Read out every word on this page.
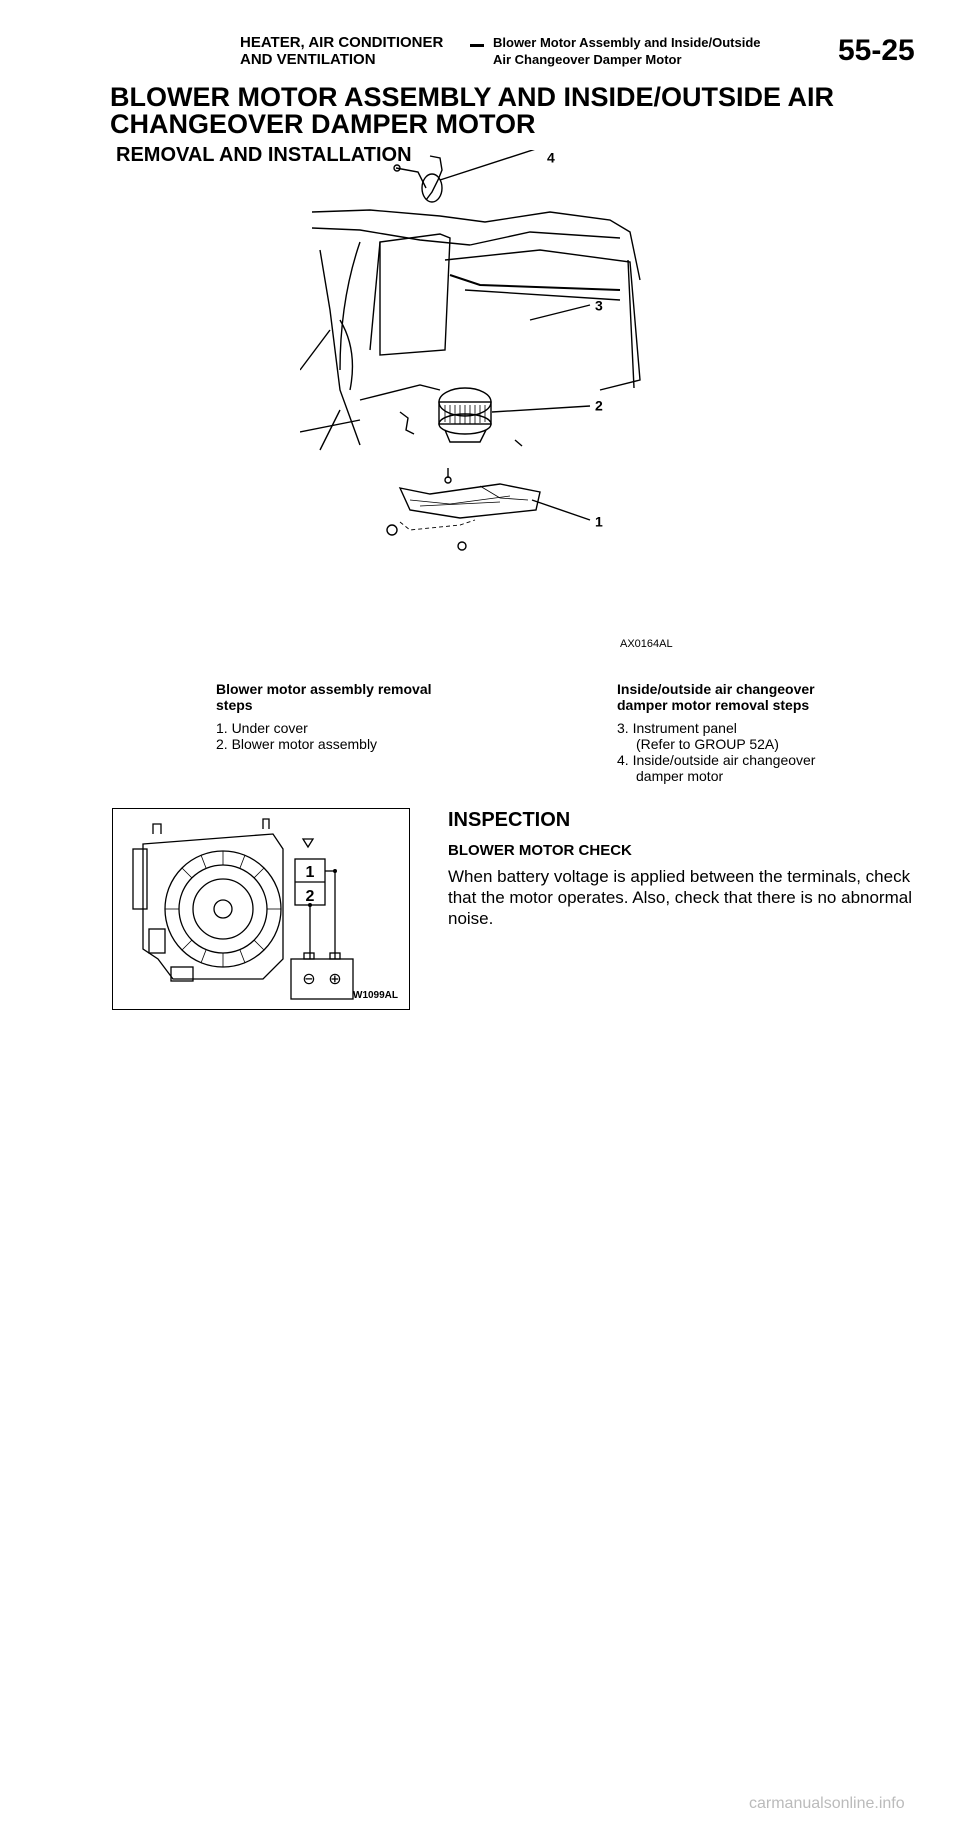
HEATER, AIR CONDITIONER
AND VENTILATION
Blower Motor Assembly and Inside/Outside
Air Changeover Damper Motor	55-25
BLOWER MOTOR ASSEMBLY AND INSIDE/OUTSIDE AIR
CHANGEOVER DAMPER MOTOR
REMOVAL AND INSTALLATION	4
3
2
1
AX0164AL
Blower motor assembly removal
steps
1. Under cover
2. Blower motor assembly
Inside/outside air changeover
damper motor removal steps
3. Instrument panel
(Refer to GROUP 52A)
4. Inside/outside air changeover
damper motor
1
2
⊖ ⊕
W1099AL
INSPECTION
BLOWER MOTOR CHECK
When battery voltage is applied between the terminals, check
that the motor operates. Also, check that there is no abnormal
noise.
carmanualsonline.info
